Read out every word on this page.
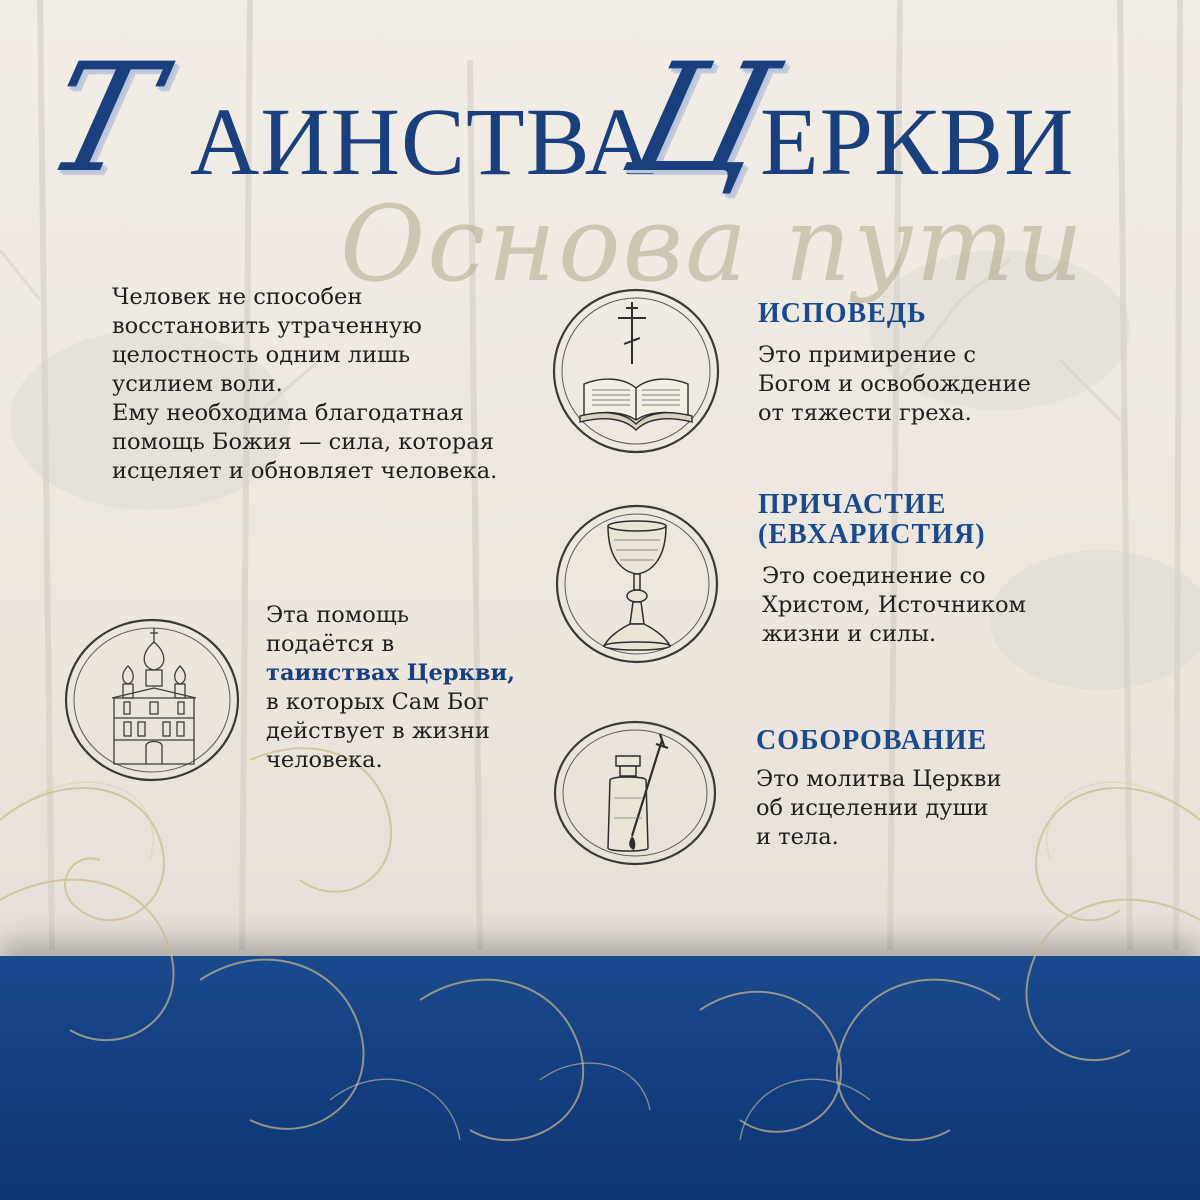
Основа пути
Т АИНСТВА
Ц
ЕРКВИ
Человек не способен
восстановить утраченную
целостность одним лишь
усилием воли.
Ему необходима благодатная
помощь Божия — сила, которая
исцеляет и обновляет человека.
Эта помощь
подаётся в
таинствах Церкви,
в которых Сам Бог
действует в жизни
человека.
ИСПОВЕДЬ
Это примирение с
Богом и освобождение
от тяжести греха.
ПРИЧАСТИЕ
(ЕВХАРИСТИЯ)
Это соединение со
Христом, Источником
жизни и силы.
СОБОРОВАНИЕ
Это молитва Церкви
об исцелении души
и тела.
